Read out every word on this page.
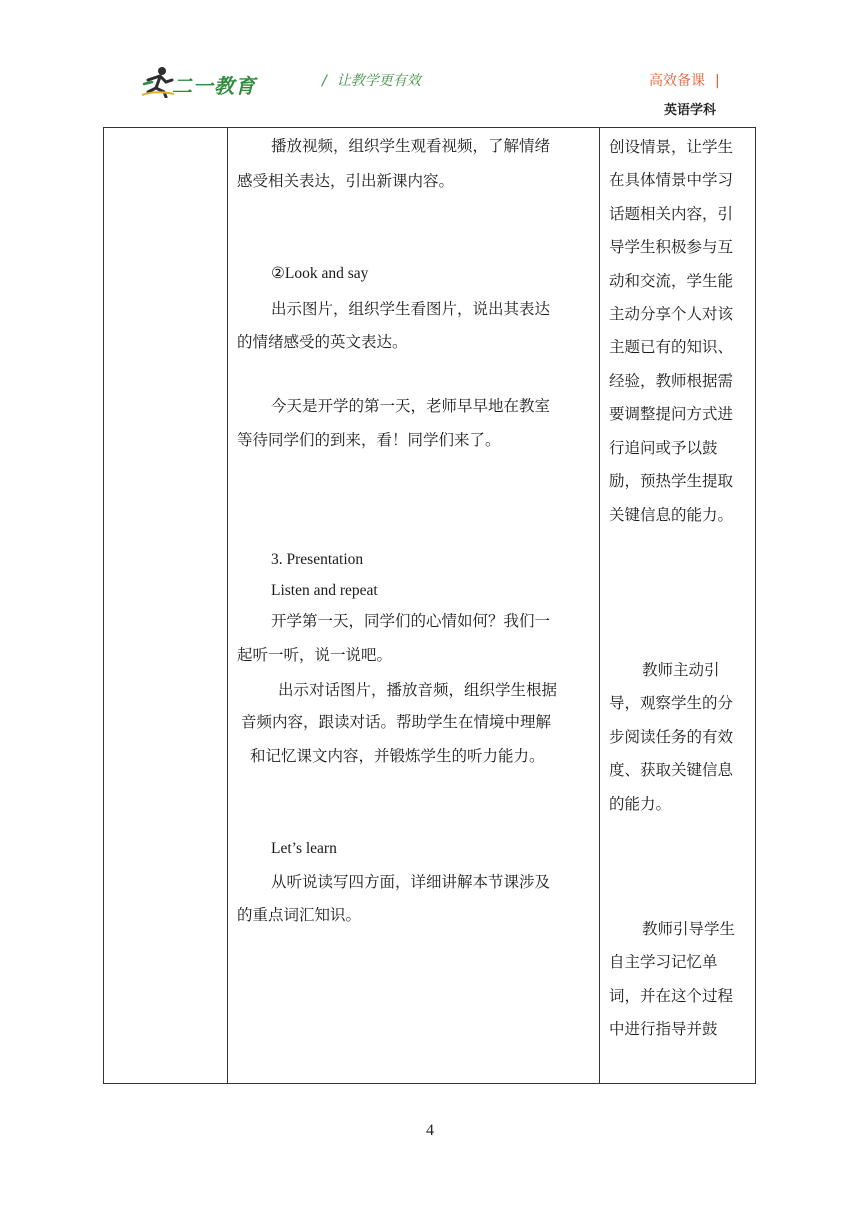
二一教育	/ 让教学更有效	高效备课 |
英语学科
播放视频，组织学生观看视频，了解情绪
感受相关表达，引出新课内容。
②Look and say
出示图片，组织学生看图片，说出其表达
的情绪感受的英文表达。
今天是开学的第一天，老师早早地在教室
等待同学们的到来，看！同学们来了。
3. Presentation
Listen and repeat
开学第一天，同学们的心情如何？我们一
起听一听，说一说吧。
出示对话图片，播放音频，组织学生根据
音频内容，跟读对话。帮助学生在情境中理解
和记忆课文内容，并锻炼学生的听力能力。
Let’s learn
从听说读写四方面，详细讲解本节课涉及
的重点词汇知识。
创设情景，让学生
在具体情景中学习
话题相关内容，引
导学生积极参与互
动和交流，学生能
主动分享个人对该
主题已有的知识、
经验，教师根据需
要调整提问方式进
行追问或予以鼓
励，预热学生提取
关键信息的能力。
教师主动引
导，观察学生的分
步阅读任务的有效
度、获取关键信息
的能力。
教师引导学生
自主学习记忆单
词，并在这个过程
中进行指导并鼓
4
